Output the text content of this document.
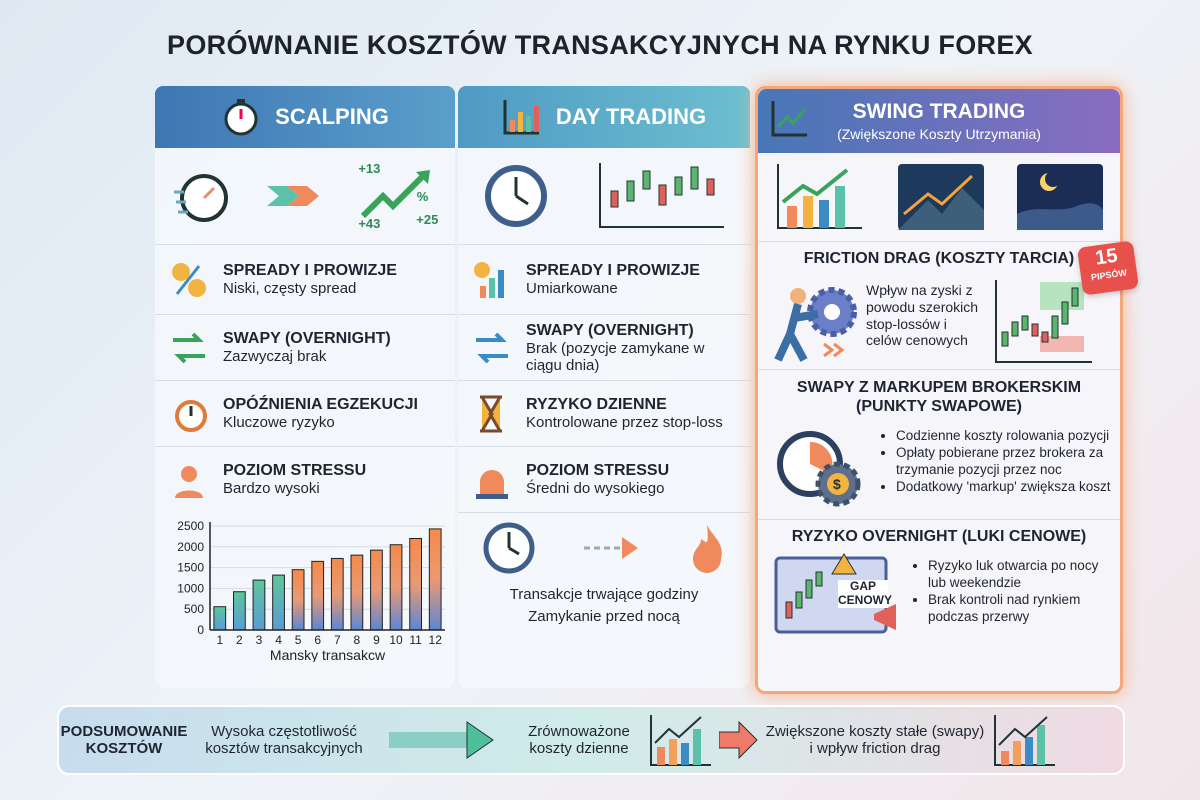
PORÓWNANIE KOSZTÓW TRANSAKCYJNYCH NA RYNKU FOREX
SCALPING
+13
%
+43	+25
SPREADY I PROWIZJE
Niski, częsty spread
SWAPY (OVERNIGHT)
Zazwyczaj brak
OPÓŹNIENIA EGZEKUCJI
Kluczowe ryzyko
POZIOM STRESSU
Bardzo wysoki
0
500
1000
1500
2000
2500
1 2 3 4 5 6 7 8 9 10 11 12
Mansky transakcw
DAY TRADING
SPREADY I PROWIZJE
Umiarkowane
SWAPY (OVERNIGHT)
Brak (pozycje zamykane w ciągu dnia)
RYZYKO DZIENNE
Kontrolowane przez stop-loss
POZIOM STRESSU
Średni do wysokiego
Transakcje trwające godziny
Zamykanie przed nocą
SWING TRADING
(Zwiększone Koszty Utrzymania)
FRICTION DRAG (KOSZTY TARCIA)
Wpływ na zyski z powodu szerokich stop-lossów i celów cenowych
15
PIPSÓW
SWAPY Z MARKUPEM BROKERSKIM (PUNKTY SWAPOWE)
$
• Codzienne koszty rolowania pozycji
• Opłaty pobierane przez brokera za trzymanie pozycji przez noc
• Dodatkowy 'markup' zwiększa koszt
RYZYKO OVERNIGHT (LUKI CENOWE)
GAP CENOWY
• Ryzyko luk otwarcia po nocy lub weekendzie
• Brak kontroli nad rynkiem podczas przerwy
PODSUMOWANIE KOSZTÓW
Wysoka częstotliwość kosztów transakcyjnych
Zrównoważone koszty dzienne
Zwiększone koszty stałe (swapy) i wpływ friction drag
